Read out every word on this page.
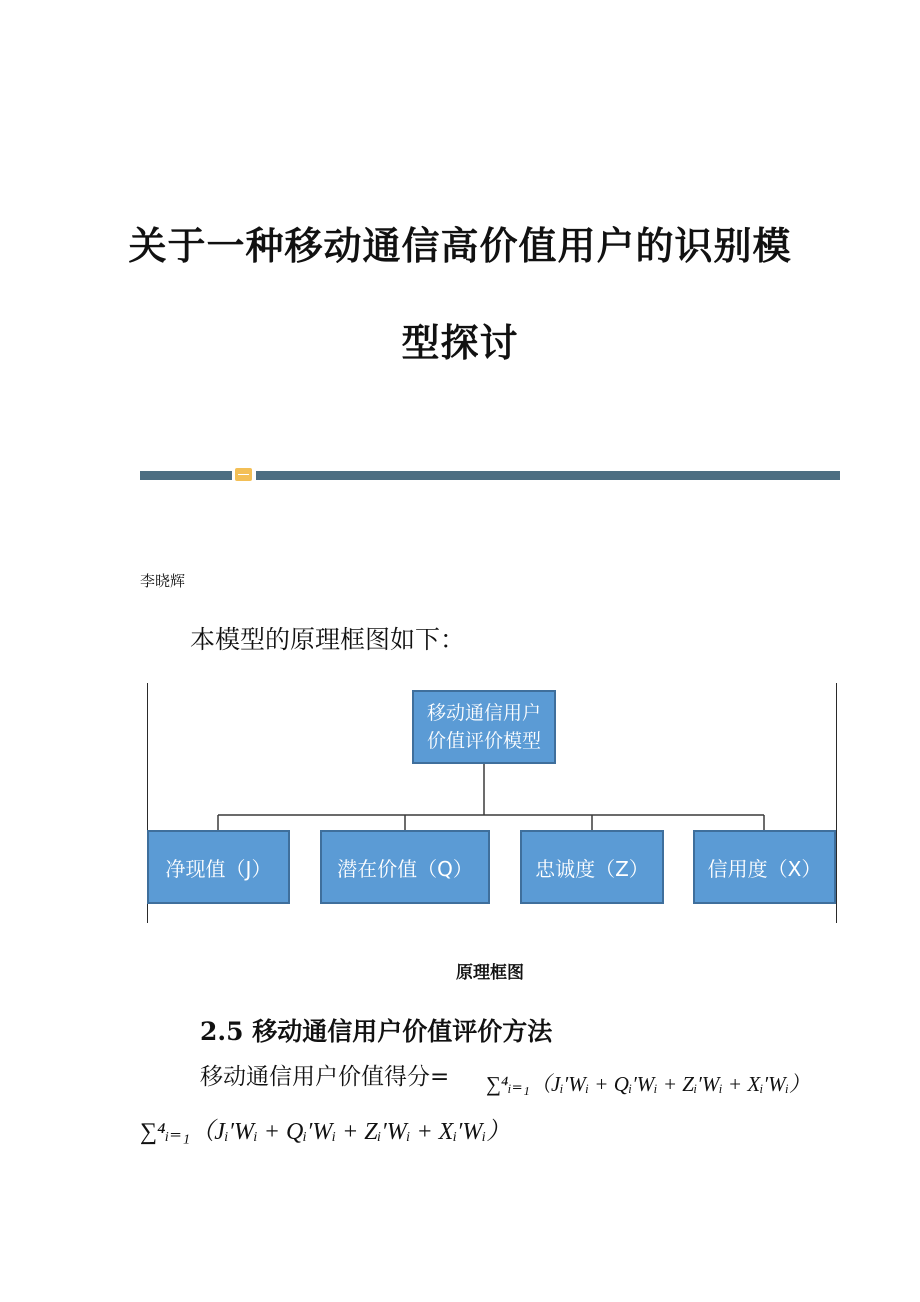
关于一种移动通信高价值用户的识别模
型探讨
李晓辉
本模型的原理框图如下：
移动通信用户
价值评价模型
净现值（J）	潜在价值（Q）	忠诚度（Z）	信用度（X）
原理框图
2.5 移动通信用户价值评价方法
移动通信用户价值得分= ∑⁴ᵢ₌₁（Jᵢ′Wᵢ + Qᵢ′Wᵢ + Zᵢ′Wᵢ + Xᵢ′Wᵢ）
∑⁴ᵢ₌₁（Jᵢ′Wᵢ + Qᵢ′Wᵢ + Zᵢ′Wᵢ + Xᵢ′Wᵢ）
